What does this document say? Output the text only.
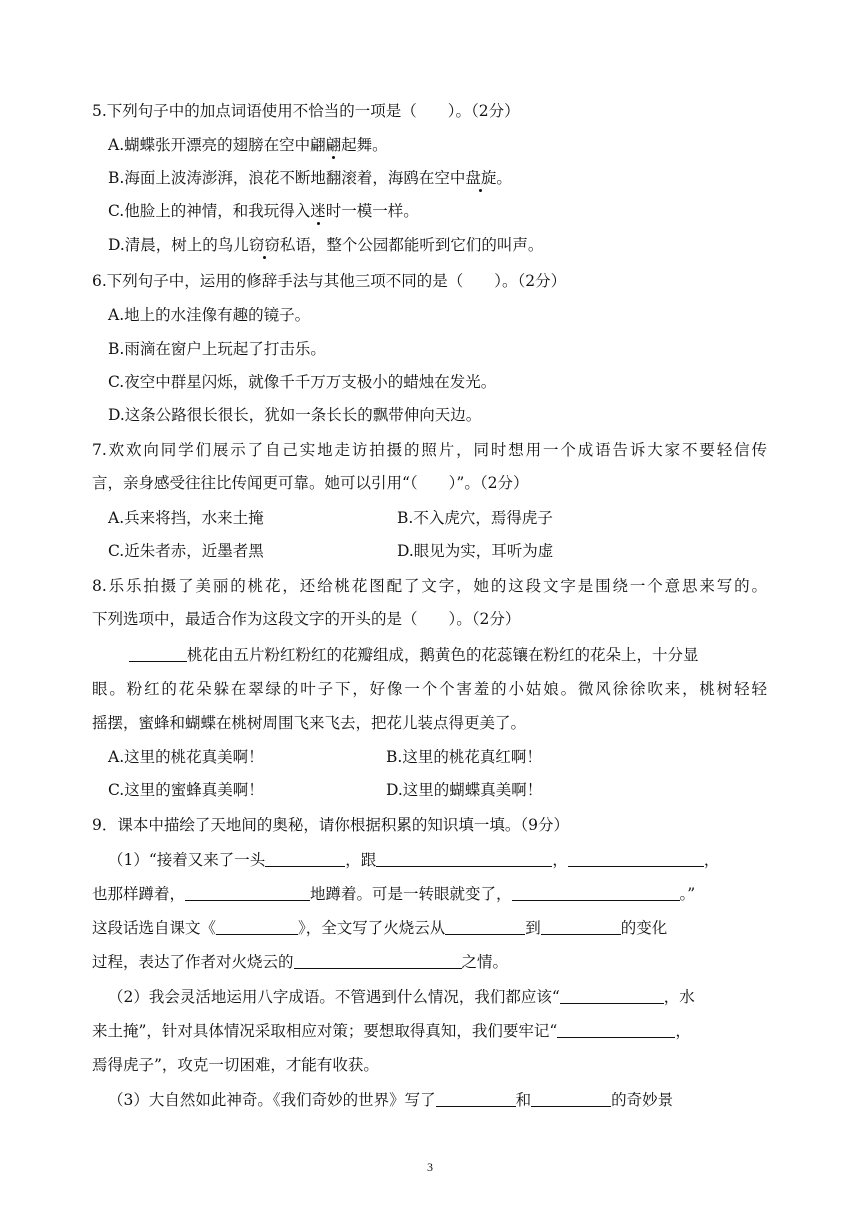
5.下列句子中的加点词语使用不恰当的一项是（　　）。（2分）
A.蝴蝶张开漂亮的翅膀在空中翩翩起舞。
B.海面上波涛澎湃，浪花不断地翻滚着，海鸥在空中盘旋。
C.他脸上的神情，和我玩得入迷时一模一样。
D.清晨，树上的鸟儿窃窃私语，整个公园都能听到它们的叫声。
6.下列句子中，运用的修辞手法与其他三项不同的是（　　）。（2分）
A.地上的水洼像有趣的镜子。
B.雨滴在窗户上玩起了打击乐。
C.夜空中群星闪烁，就像千千万万支极小的蜡烛在发光。
D.这条公路很长很长，犹如一条长长的飘带伸向天边。
7.欢欢向同学们展示了自己实地走访拍摄的照片，同时想用一个成语告诉大家不要轻信传
言，亲身感受往往比传闻更可靠。她可以引用“（　　）”。（2分）
A.兵来将挡，水来土掩	B.不入虎穴，焉得虎子
C.近朱者赤，近墨者黑	D.眼见为实，耳听为虚
8.乐乐拍摄了美丽的桃花，还给桃花图配了文字，她的这段文字是围绕一个意思来写的。
下列选项中，最适合作为这段文字的开头的是（　　）。（2分）
桃花由五片粉红粉红的花瓣组成，鹅黄色的花蕊镶在粉红的花朵上，十分显
眼。粉红的花朵躲在翠绿的叶子下，好像一个个害羞的小姑娘。微风徐徐吹来，桃树轻轻
摇摆，蜜蜂和蝴蝶在桃树周围飞来飞去，把花儿装点得更美了。
A.这里的桃花真美啊！	B.这里的桃花真红啊！
C.这里的蜜蜂真美啊！	D.这里的蝴蝶真美啊！
9．课本中描绘了天地间的奥秘，请你根据积累的知识填一填。（9分）
（1）“接着又来了一头	，跟	，	，
也那样蹲着，	地蹲着。可是一转眼就变了，	。”
这段话选自课文《	》，全文写了火烧云从	到	的变化
过程，表达了作者对火烧云的	之情。
（2）我会灵活地运用八字成语。不管遇到什么情况，我们都应该“	，水
来土掩”，针对具体情况采取相应对策；要想取得真知，我们要牢记“	，
焉得虎子”，攻克一切困难，才能有收获。
（3）大自然如此神奇。《我们奇妙的世界》写了	和	的奇妙景
3
